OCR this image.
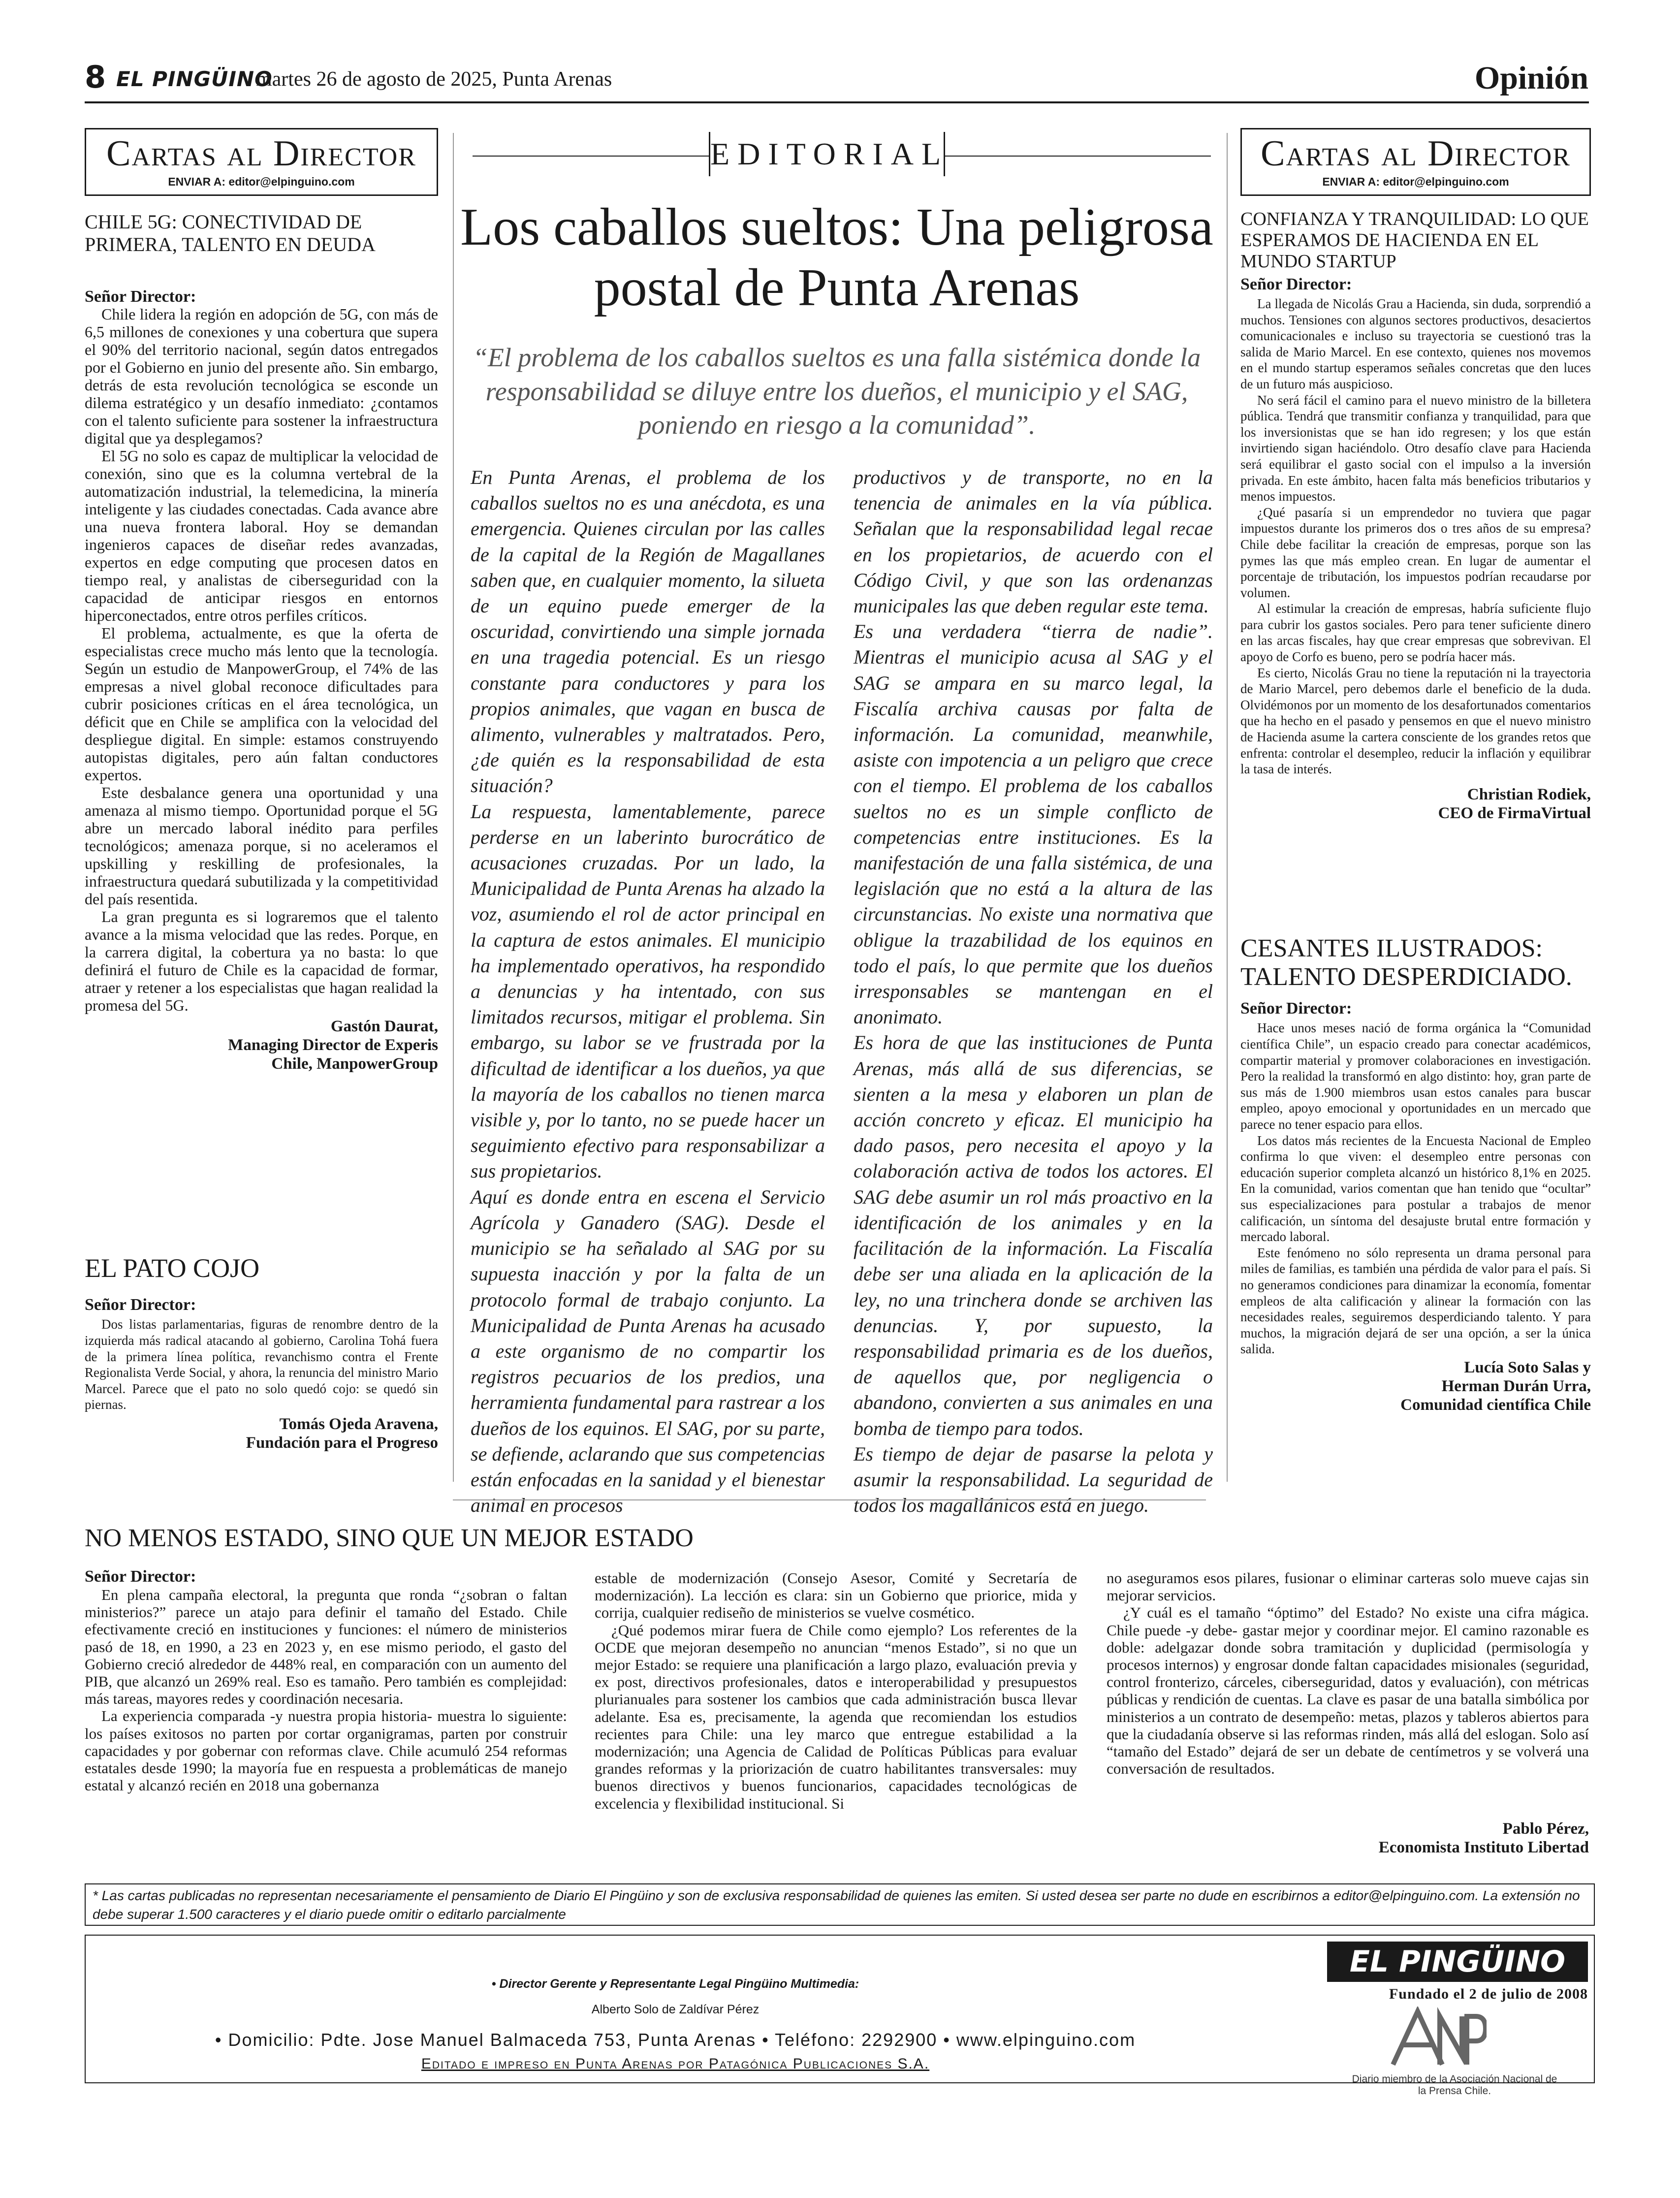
8 EL PINGÜINO
martes 26 de agosto de 2025, Punta Arenas	Opinión
Cartas al Director
ENVIAR A: editor@elpinguino.com
CHILE 5G: CONECTIVIDAD DE PRIMERA, TALENTO EN DEUDA
Señor Director:

Chile lidera la región en adopción de 5G, con más de 6,5 millones de conexiones y una cobertura que supera el 90% del territorio nacional, según datos entregados por el Gobierno en junio del presente año. Sin embargo, detrás de esta revolución tecnológica se esconde un dilema estratégico y un desafío inmediato: ¿contamos con el talento suficiente para sostener la infraestructura digital que ya desplegamos?

El 5G no solo es capaz de multiplicar la velocidad de conexión, sino que es la columna vertebral de la automatización industrial, la telemedicina, la minería inteligente y las ciudades conectadas. Cada avance abre una nueva frontera laboral. Hoy se demandan ingenieros capaces de diseñar redes avanzadas, expertos en edge computing que procesen datos en tiempo real, y analistas de ciberseguridad con la capacidad de anticipar riesgos en entornos hiperconectados, entre otros perfiles críticos.

El problema, actualmente, es que la oferta de especialistas crece mucho más lento que la tecnología. Según un estudio de ManpowerGroup, el 74% de las empresas a nivel global reconoce dificultades para cubrir posiciones críticas en el área tecnológica, un déficit que en Chile se amplifica con la velocidad del despliegue digital. En simple: estamos construyendo autopistas digitales, pero aún faltan conductores expertos.

Este desbalance genera una oportunidad y una amenaza al mismo tiempo. Oportunidad porque el 5G abre un mercado laboral inédito para perfiles tecnológicos; amenaza porque, si no aceleramos el upskilling y reskilling de profesionales, la infraestructura quedará subutilizada y la competitividad del país resentida.

La gran pregunta es si lograremos que el talento avance a la misma velocidad que las redes. Porque, en la carrera digital, la cobertura ya no basta: lo que definirá el futuro de Chile es la capacidad de formar, atraer y retener a los especialistas que hagan realidad la promesa del 5G.

Gastón Daurat,
Managing Director de Experis
Chile, ManpowerGroup
EL PATO COJO
Señor Director:

Dos listas parlamentarias, figuras de renombre dentro de la izquierda más radical atacando al gobierno, Carolina Tohá fuera de la primera línea política, revanchismo contra el Frente Regionalista Verde Social, y ahora, la renuncia del ministro Mario Marcel. Parece que el pato no solo quedó cojo: se quedó sin piernas.

Tomás Ojeda Aravena,
Fundación para el Progreso
EDITORIAL
Los caballos sueltos: Una peligrosa postal de Punta Arenas
“El problema de los caballos sueltos es una falla sistémica donde la responsabilidad se diluye entre los dueños, el municipio y el SAG, poniendo en riesgo a la comunidad”.

En Punta Arenas, el problema de los caballos sueltos no es una anécdota, es una emergencia. Quienes circulan por las calles de la capital de la Región de Magallanes saben que, en cualquier momento, la silueta de un equino puede emerger de la oscuridad, convirtiendo una simple jornada en una tragedia potencial. Es un riesgo constante para conductores y para los propios animales, que vagan en busca de alimento, vulnerables y maltratados. Pero, ¿de quién es la responsabilidad de esta situación?

La respuesta, lamentablemente, parece perderse en un laberinto burocrático de acusaciones cruzadas. Por un lado, la Municipalidad de Punta Arenas ha alzado la voz, asumiendo el rol de actor principal en la captura de estos animales. El municipio ha implementado operativos, ha respondido a denuncias y ha intentado, con sus limitados recursos, mitigar el problema. Sin embargo, su labor se ve frustrada por la dificultad de identificar a los dueños, ya que la mayoría de los caballos no tienen marca visible y, por lo tanto, no se puede hacer un seguimiento efectivo para responsabilizar a sus propietarios.

Aquí es donde entra en escena el Servicio Agrícola y Ganadero (SAG). Desde el municipio se ha señalado al SAG por su supuesta inacción y por la falta de un protocolo formal de trabajo conjunto. La Municipalidad de Punta Arenas ha acusado a este organismo de no compartir los registros pecuarios de los predios, una herramienta fundamental para rastrear a los dueños de los equinos. El SAG, por su parte, se defiende, aclarando que sus competencias están enfocadas en la sanidad y el bienestar animal en procesos

productivos y de transporte, no en la tenencia de animales en la vía pública. Señalan que la responsabilidad legal recae en los propietarios, de acuerdo con el Código Civil, y que son las ordenanzas municipales las que deben regular este tema.

Es una verdadera “tierra de nadie”. Mientras el municipio acusa al SAG y el SAG se ampara en su marco legal, la Fiscalía archiva causas por falta de información. La comunidad, meanwhile, asiste con impotencia a un peligro que crece con el tiempo. El problema de los caballos sueltos no es un simple conflicto de competencias entre instituciones. Es la manifestación de una falla sistémica, de una legislación que no está a la altura de las circunstancias. No existe una normativa que obligue la trazabilidad de los equinos en todo el país, lo que permite que los dueños irresponsables se mantengan en el anonimato.

Es hora de que las instituciones de Punta Arenas, más allá de sus diferencias, se sienten a la mesa y elaboren un plan de acción concreto y eficaz. El municipio ha dado pasos, pero necesita el apoyo y la colaboración activa de todos los actores. El SAG debe asumir un rol más proactivo en la identificación de los animales y en la facilitación de la información. La Fiscalía debe ser una aliada en la aplicación de la ley, no una trinchera donde se archiven las denuncias. Y, por supuesto, la responsabilidad primaria es de los dueños, de aquellos que, por negligencia o abandono, convierten a sus animales en una bomba de tiempo para todos.

Es tiempo de dejar de pasarse la pelota y asumir la responsabilidad. La seguridad de todos los magallánicos está en juego.

Cartas al Director
ENVIAR A: editor@elpinguino.com
CONFIANZA Y TRANQUILIDAD: LO QUE ESPERAMOS DE HACIENDA EN EL MUNDO STARTUP
Señor Director:

La llegada de Nicolás Grau a Hacienda, sin duda, sorprendió a muchos. Tensiones con algunos sectores productivos, desaciertos comunicacionales e incluso su trayectoria se cuestionó tras la salida de Mario Marcel. En ese contexto, quienes nos movemos en el mundo startup esperamos señales concretas que den luces de un futuro más auspicioso.

No será fácil el camino para el nuevo ministro de la billetera pública. Tendrá que transmitir confianza y tranquilidad, para que los inversionistas que se han ido regresen; y los que están invirtiendo sigan haciéndolo. Otro desafío clave para Hacienda será equilibrar el gasto social con el impulso a la inversión privada. En este ámbito, hacen falta más beneficios tributarios y menos impuestos.

¿Qué pasaría si un emprendedor no tuviera que pagar impuestos durante los primeros dos o tres años de su empresa? Chile debe facilitar la creación de empresas, porque son las pymes las que más empleo crean. En lugar de aumentar el porcentaje de tributación, los impuestos podrían recaudarse por volumen.

Al estimular la creación de empresas, habría suficiente flujo para cubrir los gastos sociales. Pero para tener suficiente dinero en las arcas fiscales, hay que crear empresas que sobrevivan. El apoyo de Corfo es bueno, pero se podría hacer más.

Es cierto, Nicolás Grau no tiene la reputación ni la trayectoria de Mario Marcel, pero debemos darle el beneficio de la duda. Olvidémonos por un momento de los desafortunados comentarios que ha hecho en el pasado y pensemos en que el nuevo ministro de Hacienda asume la cartera consciente de los grandes retos que enfrenta: controlar el desempleo, reducir la inflación y equilibrar la tasa de interés.

Christian Rodiek,
CEO de FirmaVirtual
CESANTES ILUSTRADOS: TALENTO DESPERDICIADO.
Señor Director:

Hace unos meses nació de forma orgánica la “Comunidad científica Chile”, un espacio creado para conectar académicos, compartir material y promover colaboraciones en investigación. Pero la realidad la transformó en algo distinto: hoy, gran parte de sus más de 1.900 miembros usan estos canales para buscar empleo, apoyo emocional y oportunidades en un mercado que parece no tener espacio para ellos.

Los datos más recientes de la Encuesta Nacional de Empleo confirma lo que viven: el desempleo entre personas con educación superior completa alcanzó un histórico 8,1% en 2025. En la comunidad, varios comentan que han tenido que “ocultar” sus especializaciones para postular a trabajos de menor calificación, un síntoma del desajuste brutal entre formación y mercado laboral.

Este fenómeno no sólo representa un drama personal para miles de familias, es también una pérdida de valor para el país. Si no generamos condiciones para dinamizar la economía, fomentar empleos de alta calificación y alinear la formación con las necesidades reales, seguiremos desperdiciando talento. Y para muchos, la migración dejará de ser una opción, a ser la única salida.

Lucía Soto Salas y
Herman Durán Urra,
Comunidad científica Chile
NO MENOS ESTADO, SINO QUE UN MEJOR ESTADO
Señor Director:

En plena campaña electoral, la pregunta que ronda “¿sobran o faltan ministerios?” parece un atajo para definir el tamaño del Estado. Chile efectivamente creció en instituciones y funciones: el número de ministerios pasó de 18, en 1990, a 23 en 2023 y, en ese mismo periodo, el gasto del Gobierno creció alrededor de 448% real, en comparación con un aumento del PIB, que alcanzó un 269% real. Eso es tamaño. Pero también es complejidad: más tareas, mayores redes y coordinación necesaria.

La experiencia comparada -y nuestra propia historia- muestra lo siguiente: los países exitosos no parten por cortar organigramas, parten por construir capacidades y por gobernar con reformas clave. Chile acumuló 254 reformas estatales desde 1990; la mayoría fue en respuesta a problemáticas de manejo estatal y alcanzó recién en 2018 una gobernanza

estable de modernización (Consejo Asesor, Comité y Secretaría de modernización). La lección es clara: sin un Gobierno que priorice, mida y corrija, cualquier rediseño de ministerios se vuelve cosmético.

¿Qué podemos mirar fuera de Chile como ejemplo? Los referentes de la OCDE que mejoran desempeño no anuncian “menos Estado”, si no que un mejor Estado: se requiere una planificación a largo plazo, evaluación previa y ex post, directivos profesionales, datos e interoperabilidad y presupuestos plurianuales para sostener los cambios que cada administración busca llevar adelante. Esa es, precisamente, la agenda que recomiendan los estudios recientes para Chile: una ley marco que entregue estabilidad a la modernización; una Agencia de Calidad de Políticas Públicas para evaluar grandes reformas y la priorización de cuatro habilitantes transversales: muy buenos directivos y buenos funcionarios, capacidades tecnológicas de excelencia y flexibilidad institucional. Si

no aseguramos esos pilares, fusionar o eliminar carteras solo mueve cajas sin mejorar servicios.

¿Y cuál es el tamaño “óptimo” del Estado? No existe una cifra mágica. Chile puede -y debe- gastar mejor y coordinar mejor. El camino razonable es doble: adelgazar donde sobra tramitación y duplicidad (permisología y procesos internos) y engrosar donde faltan capacidades misionales (seguridad, control fronterizo, cárceles, ciberseguridad, datos y evaluación), con métricas públicas y rendición de cuentas. La clave es pasar de una batalla simbólica por ministerios a un contrato de desempeño: metas, plazos y tableros abiertos para que la ciudadanía observe si las reformas rinden, más allá del eslogan. Solo así “tamaño del Estado” dejará de ser un debate de centímetros y se volverá una conversación de resultados.

Pablo Pérez,
Economista Instituto Libertad
* Las cartas publicadas no representan necesariamente el pensamiento de Diario El Pingüino y son de exclusiva responsabilidad de quienes las emiten. Si usted desea ser parte no dude en escribirnos a editor@elpinguino.com. La extensión no debe superar 1.500 caracteres y el diario puede omitir o editarlo parcialmente
• Director Gerente y Representante Legal Pingüino Multimedia:
Alberto Solo de Zaldívar Pérez
• Domicilio: Pdte. Jose Manuel Balmaceda 753, Punta Arenas • Teléfono: 2292900 • www.elpinguino.com
Editado e impreso en Punta Arenas por Patagónica Publicaciones S.A.
EL PINGÜINO
Fundado el 2 de julio de 2008
Diario miembro de la Asociación Nacional de la Prensa Chile.
